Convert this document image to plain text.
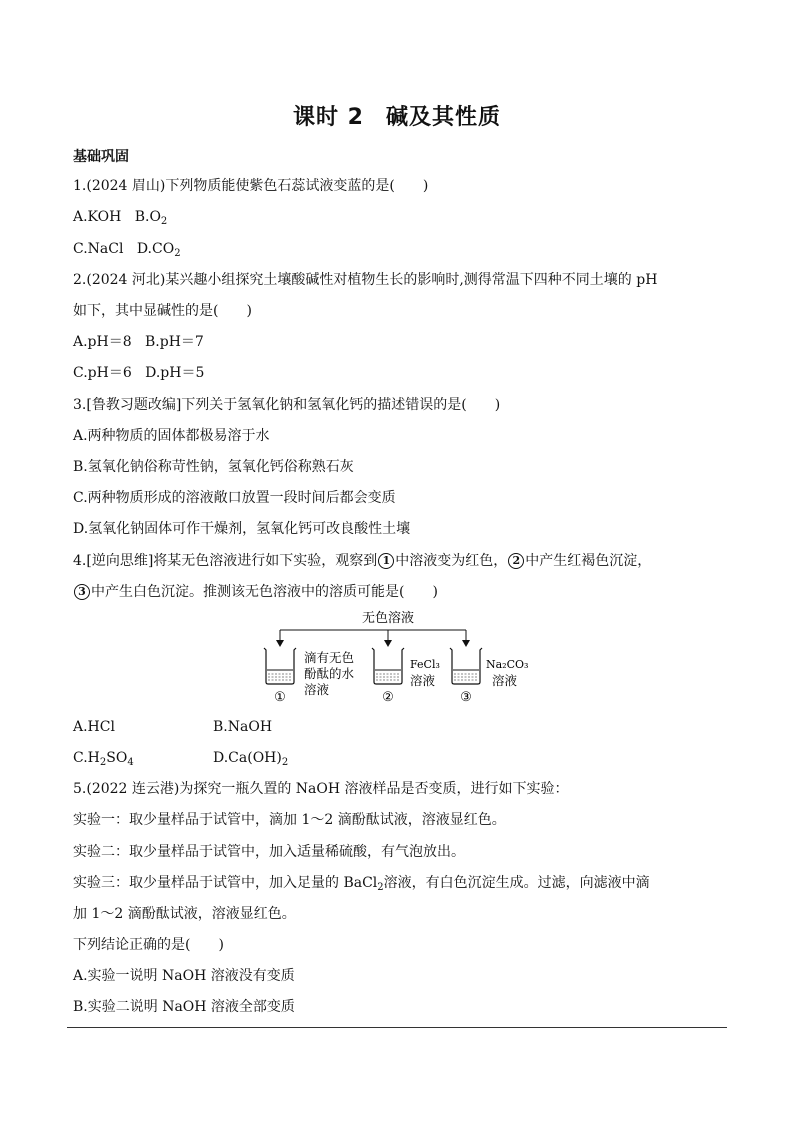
课时 2 碱及其性质
基础巩固
1.(2024 眉山)下列物质能使紫色石蕊试液变蓝的是(　　)
A.KOH $B.O_2$
C.NaCl $D.CO_2$
2.(2024 河北)某兴趣小组探究土壤酸碱性对植物生长的影响时,测得常温下四种不同土壤的 pH
如下，其中显碱性的是(　　)
A.pH＝8 B.pH＝7
C.pH＝6 D.pH＝5
3.[鲁教习题改编]下列关于氢氧化钠和氢氧化钙的描述错误的是(　　)
A.两种物质的固体都极易溶于水
B.氢氧化钠俗称苛性钠，氢氧化钙俗称熟石灰
C.两种物质形成的溶液敞口放置一段时间后都会变质
D.氢氧化钠固体可作干燥剂，氢氧化钙可改良酸性土壤
4.[逆向思维]将某无色溶液进行如下实验，观察到 1 中溶液变为红色， 2 中产生红褐色沉淀，
3 中产生白色沉淀。推测该无色溶液中的溶质可能是(　　)
无色溶液
滴有无色
酚酞的水
溶液
①
FeCl₃
溶液
②
Na₂CO₃
溶液
③
A.HCl	B.NaOH
$C.H_2SO_4$	$D.Ca(OH)_2$
5.(2022 连云港)为探究一瓶久置的 NaOH 溶液样品是否变质，进行如下实验：
实验一：取少量样品于试管中，滴加 1～2 滴酚酞试液，溶液显红色。
实验二：取少量样品于试管中，加入适量稀硫酸，有气泡放出。
实验三：取少量样品于试管中，加入足量的 BaCl$_2$溶液，有白色沉淀生成。过滤，向滤液中滴
加 1～2 滴酚酞试液，溶液显红色。
下列结论正确的是(　　)
A.实验一说明 NaOH 溶液没有变质
B.实验二说明 NaOH 溶液全部变质
